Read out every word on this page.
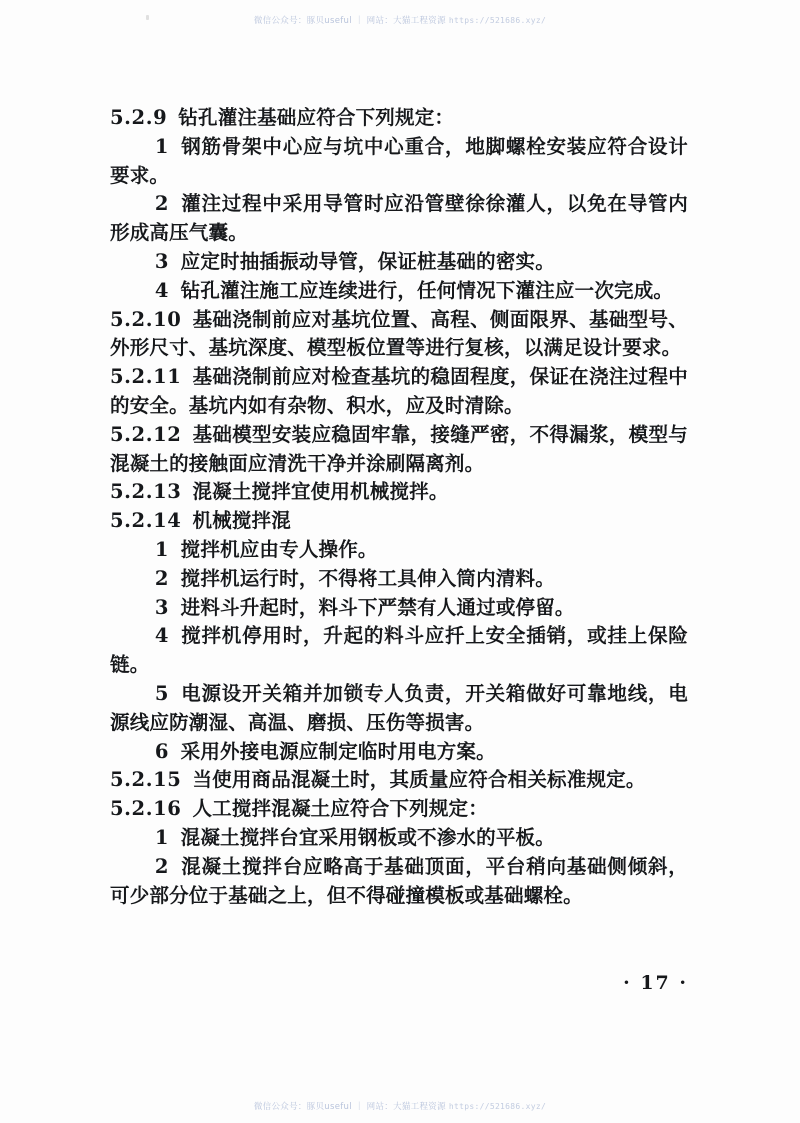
微信公众号：豚贝useful ｜ 网站：大猫工程资源 https://521686.xyz/

5.2.9 钻孔灌注基础应符合下列规定：

1 钢筋骨架中心应与坑中心重合，地脚螺栓安装应符合设计要求。

2 灌注过程中采用导管时应沿管壁徐徐灌人，以免在导管内形成高压气囊。

3 应定时抽插振动导管，保证桩基础的密实。

4 钻孔灌注施工应连续进行，任何情况下灌注应一次完成。

5.2.10 基础浇制前应对基坑位置、高程、侧面限界、基础型号、外形尺寸、基坑深度、模型板位置等进行复核，以满足设计要求。

5.2.11 基础浇制前应对检查基坑的稳固程度，保证在浇注过程中的安全。基坑内如有杂物、积水，应及时清除。

5.2.12 基础模型安装应稳固牢靠，接缝严密，不得漏浆，模型与混凝土的接触面应清洗干净并涂刷隔离剂。

5.2.13 混凝土搅拌宜使用机械搅拌。

5.2.14 机械搅拌混

1 搅拌机应由专人操作。

2 搅拌机运行时，不得将工具伸入筒内清料。

3 进料斗升起时，料斗下严禁有人通过或停留。

4 搅拌机停用时，升起的料斗应扦上安全插销，或挂上保险链。

5 电源设开关箱并加锁专人负责，开关箱做好可靠地线，电源线应防潮湿、高温、磨损、压伤等损害。

6 采用外接电源应制定临时用电方案。

5.2.15 当使用商品混凝土时，其质量应符合相关标准规定。

5.2.16 人工搅拌混凝土应符合下列规定：

1 混凝土搅拌台宜采用钢板或不渗水的平板。

2 混凝土搅拌台应略高于基础顶面，平台稍向基础侧倾斜，可少部分位于基础之上，但不得碰撞模板或基础螺栓。

· 17 ·
微信公众号：豚贝useful ｜ 网站：大猫工程资源 https://521686.xyz/
